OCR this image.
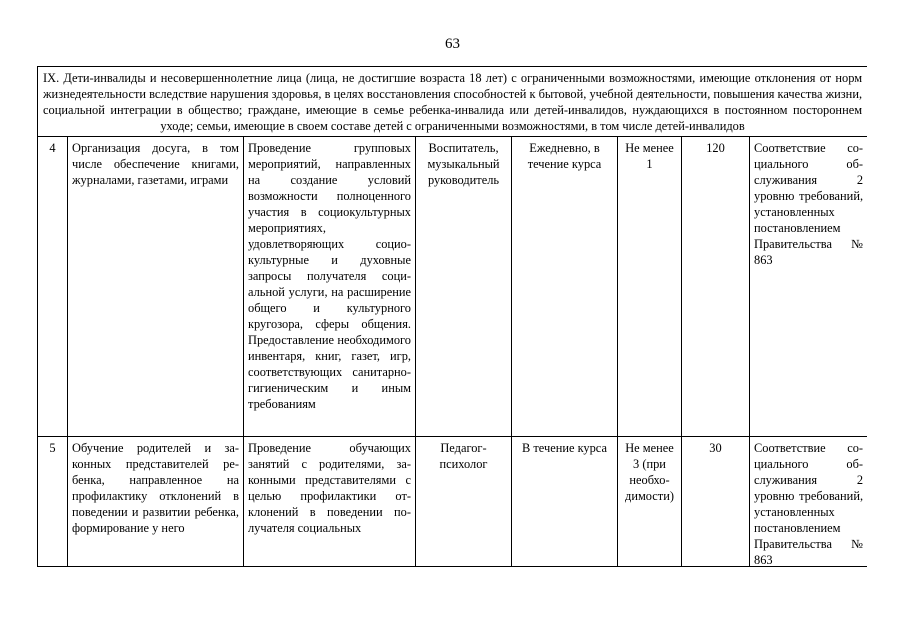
63
IX. Дети-инвалиды и несовершеннолетние лица (лица, не достигшие возраста 18 лет) с ограниченными возможностями, имеющие отклонения от норм жизнедеятельности вследствие нарушения здоровья, в целях восстановления способностей к бытовой, учебной деятельности, повышения качества жизни, социальной интеграции в общество; граждане, имеющие в семье ребенка-инвалида или детей-инвалидов, нуждающихся в постоянном постороннем уходе; семьи, имеющие в своем составе детей с ограниченными возможностями, в том числе детей-инвалидов							
4	Организация досуга, в том числе обеспечение книгами, журналами, газетами, играми	Проведение групповых мероприятий, направленных на создание условий возможности полноценного участия в социокультурных мероприятиях, удовлетворяющих социокультурные и духовные запросы получателя социальной услуги, на расширение общего и культурного кругозора, сферы общения. Предоставление необходимого инвентаря, книг, газет, игр, соответствующих санитарно-гигиеническим и иным требованиям	Воспитатель, музыкальный руководитель	Ежедневно, в течение курса	Не менее 1	120	Соответствие социального обслуживания 2 уровню требований, установленных постановлением Правительства № 863
5	Обучение родителей и законных представителей ребенка, направленное на профилактику отклонений в поведении и развитии ребенка, формирование у него	Проведение обучающих занятий с родителями, законными представителями с целью профилактики отклонений в поведении получателя социальных	Педагог-психолог	В течение курса	Не менее 3 (при необходимости)	30	Соответствие социального обслуживания 2 уровню требований, установленных постановлением Правительства № 863
